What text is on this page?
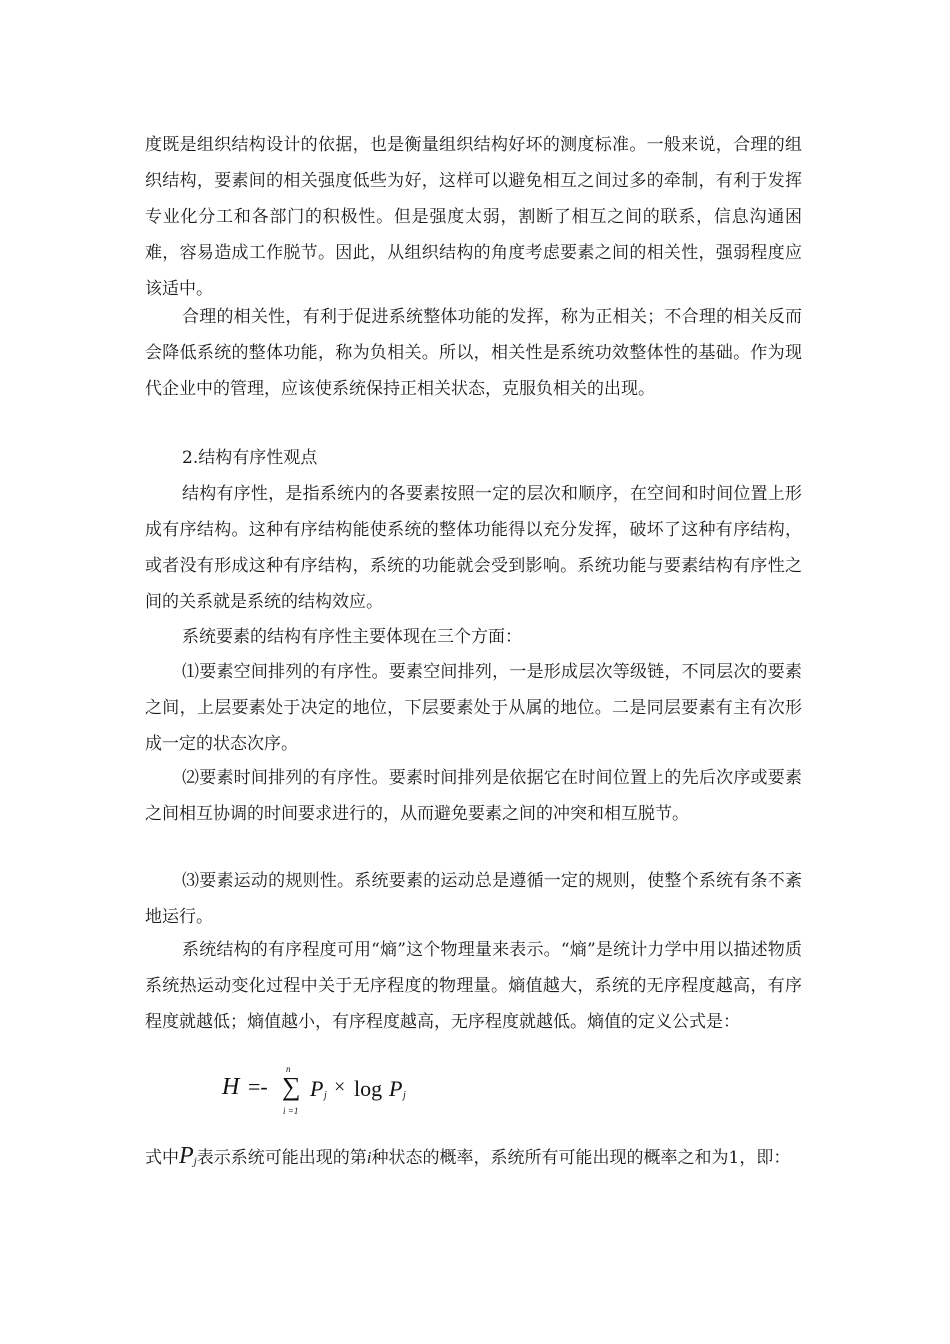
度既是组织结构设计的依据，也是衡量组织结构好坏的测度标准。一般来说，合理的组织结构，要素间的相关强度低些为好，这样可以避免相互之间过多的牵制，有利于发挥专业化分工和各部门的积极性。但是强度太弱，割断了相互之间的联系，信息沟通困难，容易造成工作脱节。因此，从组织结构的角度考虑要素之间的相关性，强弱程度应该适中。

合理的相关性，有利于促进系统整体功能的发挥，称为正相关；不合理的相关反而会降低系统的整体功能，称为负相关。所以，相关性是系统功效整体性的基础。作为现代企业中的管理，应该使系统保持正相关状态，克服负相关的出现。

2.结构有序性观点

结构有序性，是指系统内的各要素按照一定的层次和顺序，在空间和时间位置上形成有序结构。这种有序结构能使系统的整体功能得以充分发挥，破坏了这种有序结构，或者没有形成这种有序结构，系统的功能就会受到影响。系统功能与要素结构有序性之间的关系就是系统的结构效应。

系统要素的结构有序性主要体现在三个方面：

⑴要素空间排列的有序性。要素空间排列，一是形成层次等级链，不同层次的要素之间，上层要素处于决定的地位，下层要素处于从属的地位。二是同层要素有主有次形成一定的状态次序。

⑵要素时间排列的有序性。要素时间排列是依据它在时间位置上的先后次序或要素之间相互协调的时间要求进行的，从而避免要素之间的冲突和相互脱节。

⑶要素运动的规则性。系统要素的运动总是遵循一定的规则，使整个系统有条不紊地运行。

系统结构的有序程度可用“熵”这个物理量来表示。“熵”是统计力学中用以描述物质系统热运动变化过程中关于无序程度的物理量。熵值越大，系统的无序程度越高，有序程度就越低；熵值越小，有序程度越高，无序程度就越低。熵值的定义公式是：

H =-
n
∑
i =1
P j × log P j

式中$P_j$表示系统可能出现的第i种状态的概率，系统所有可能出现的概率之和为1，即：
